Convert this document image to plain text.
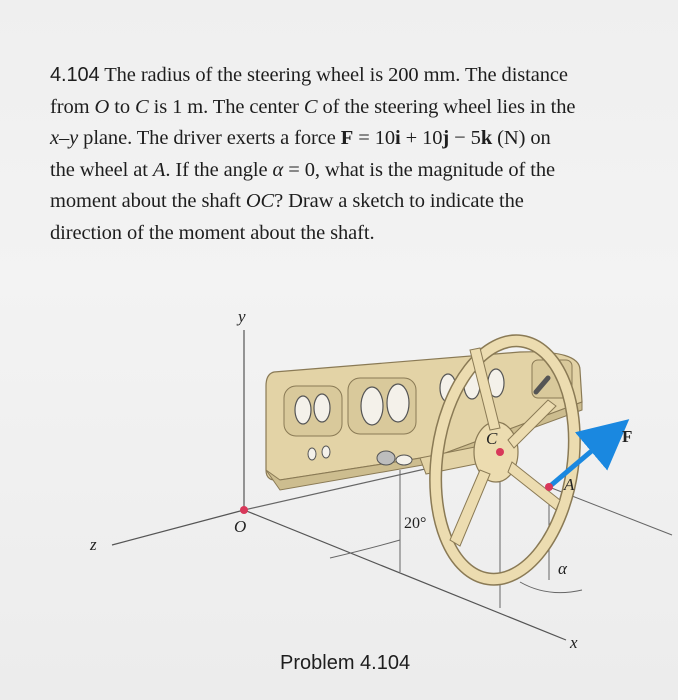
4.104 The radius of the steering wheel is 200 mm. The distance
from O to C is 1 m. The center C of the steering wheel lies in the
x–y plane. The driver exerts a force F = 10i + 10j − 5k (N) on
the wheel at A. If the angle α = 0, what is the magnitude of the
moment about the shaft OC? Draw a sketch to indicate the
direction of the moment about the shaft.
y
z
x
O
C
A
F
α
20°
Problem 4.104
